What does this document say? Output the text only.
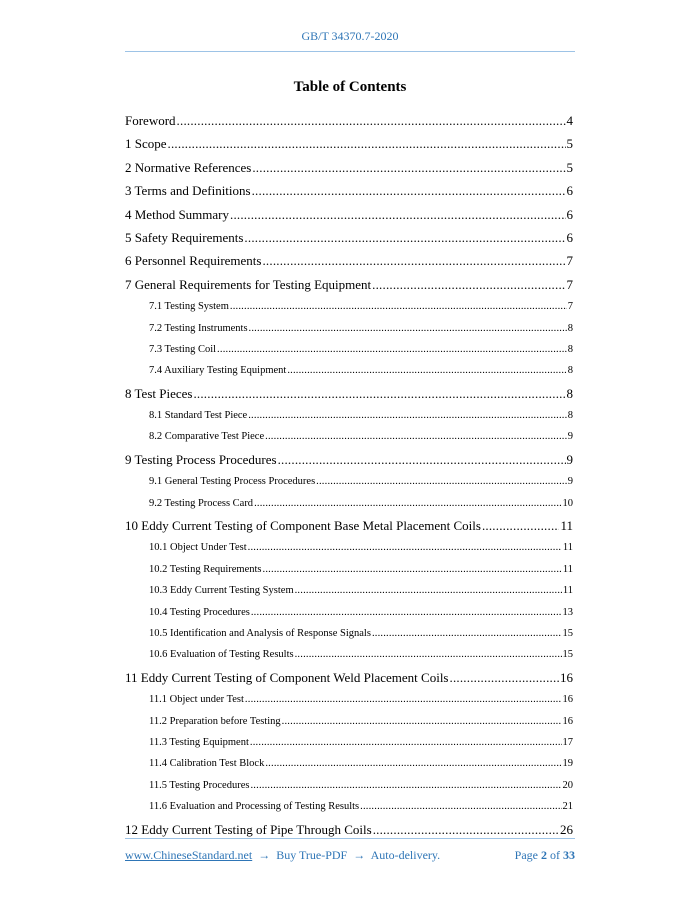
GB/T 34370.7-2020
Table of Contents
Foreword .....	4
1 Scope .....	5
2 Normative References .....	5
3 Terms and Definitions .....	6
4 Method Summary .....	6
5 Safety Requirements .....	6
6 Personnel Requirements .....	7
7 General Requirements for Testing Equipment .....	7
7.1 Testing System .....	7
7.2 Testing Instruments .....	8
7.3 Testing Coil .....	8
7.4 Auxiliary Testing Equipment .....	8
8 Test Pieces .....	8
8.1 Standard Test Piece .....	8
8.2 Comparative Test Piece .....	9
9 Testing Process Procedures .....	9
9.1 General Testing Process Procedures .....	9
9.2 Testing Process Card .....	10
10 Eddy Current Testing of Component Base Metal Placement Coils .....	11
10.1 Object Under Test .....	11
10.2 Testing Requirements .....	11
10.3 Eddy Current Testing System .....	11
10.4 Testing Procedures .....	13
10.5 Identification and Analysis of Response Signals .....	15
10.6 Evaluation of Testing Results .....	15
11 Eddy Current Testing of Component Weld Placement Coils .....	16
11.1 Object under Test .....	16
11.2 Preparation before Testing .....	16
11.3 Testing Equipment .....	17
11.4 Calibration Test Block .....	19
11.5 Testing Procedures .....	20
11.6 Evaluation and Processing of Testing Results .....	21
12 Eddy Current Testing of Pipe Through Coils .....	26
www.ChineseStandard.net → Buy True-PDF → Auto-delivery.	Page 2 of 33
